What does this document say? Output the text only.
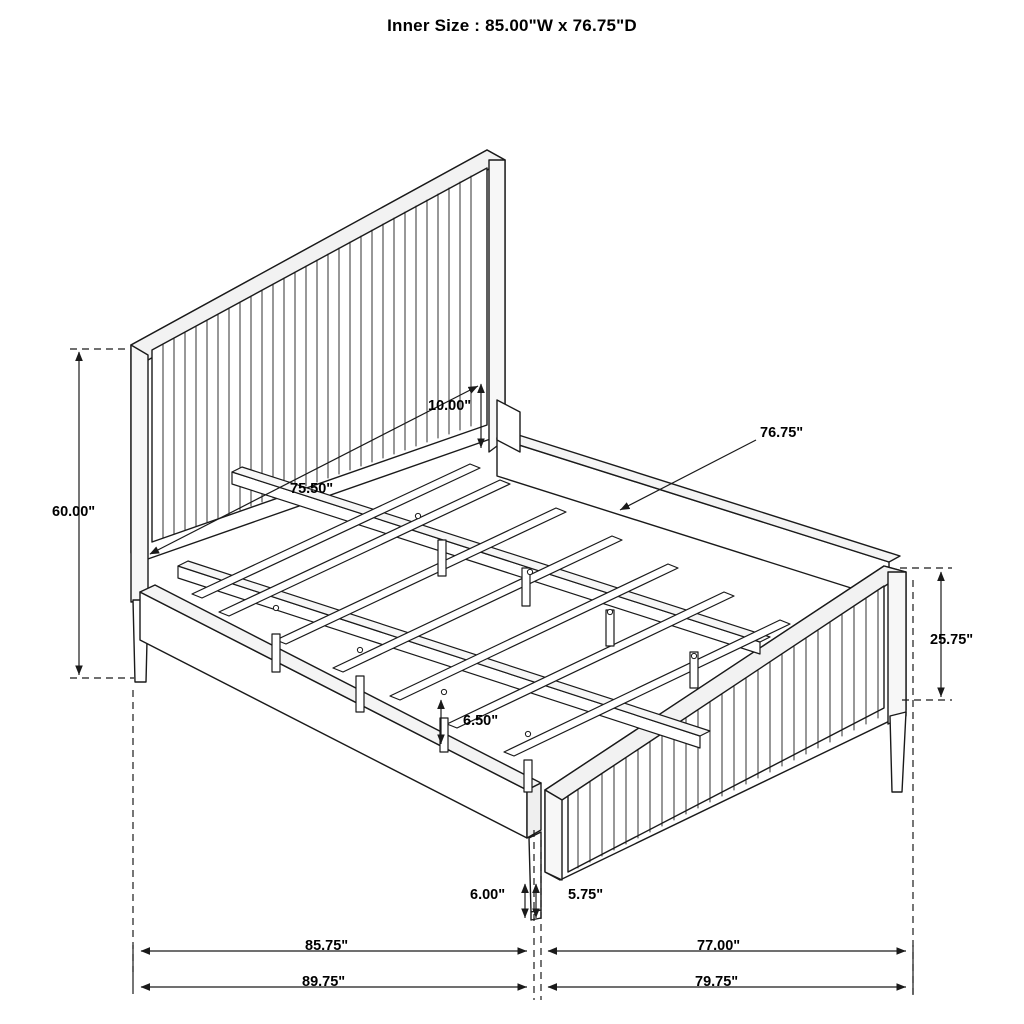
Inner Size : 85.00"W x 76.75"D
60.00"
10.00"
75.50"
76.75"
25.75"
6.50"
6.00"	5.75"
85.75"	77.00"
89.75"	79.75"
